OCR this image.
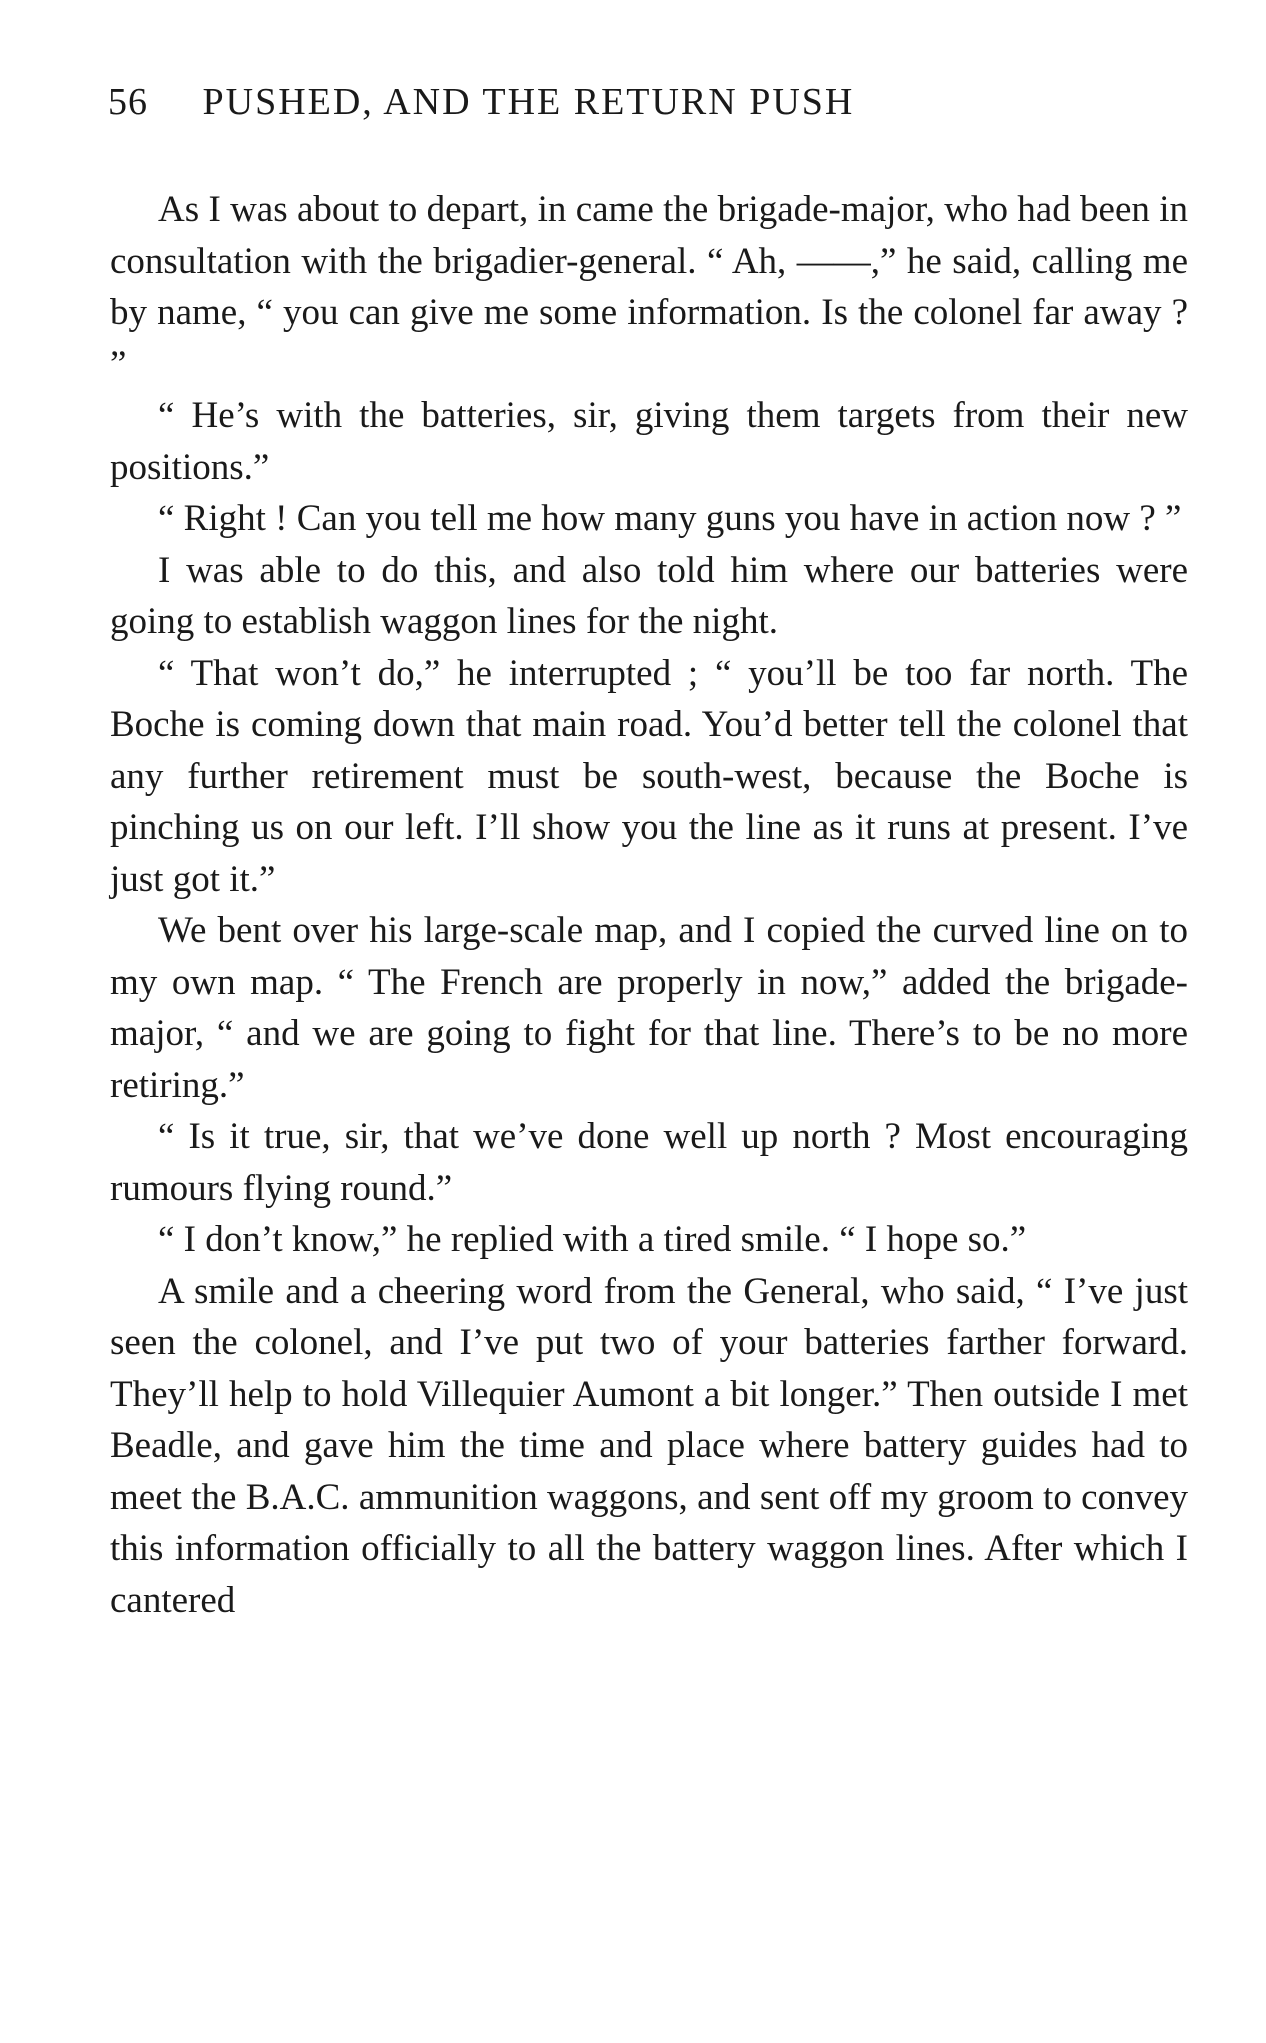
56 PUSHED, AND THE RETURN PUSH

As I was about to depart, in came the brigade-major, who had been in consultation with the brigadier-general. “ Ah, ——,” he said, calling me by name, “ you can give me some information. Is the colonel far away ? ”

“ He’s with the batteries, sir, giving them targets from their new positions.”

“ Right ! Can you tell me how many guns you have in action now ? ”

I was able to do this, and also told him where our batteries were going to establish waggon lines for the night.

“ That won’t do,” he interrupted ; “ you’ll be too far north. The Boche is coming down that main road. You’d better tell the colonel that any further retirement must be south-west, because the Boche is pinching us on our left. I’ll show you the line as it runs at present. I’ve just got it.”

We bent over his large-scale map, and I copied the curved line on to my own map. “ The French are properly in now,” added the brigade-major, “ and we are going to fight for that line. There’s to be no more retiring.”

“ Is it true, sir, that we’ve done well up north ? Most encouraging rumours flying round.”

“ I don’t know,” he replied with a tired smile. “ I hope so.”

A smile and a cheering word from the General, who said, “ I’ve just seen the colonel, and I’ve put two of your batteries farther forward. They’ll help to hold Villequier Aumont a bit longer.” Then outside I met Beadle, and gave him the time and place where battery guides had to meet the B.A.C. ammunition waggons, and sent off my groom to convey this information officially to all the battery waggon lines. After which I cantered
